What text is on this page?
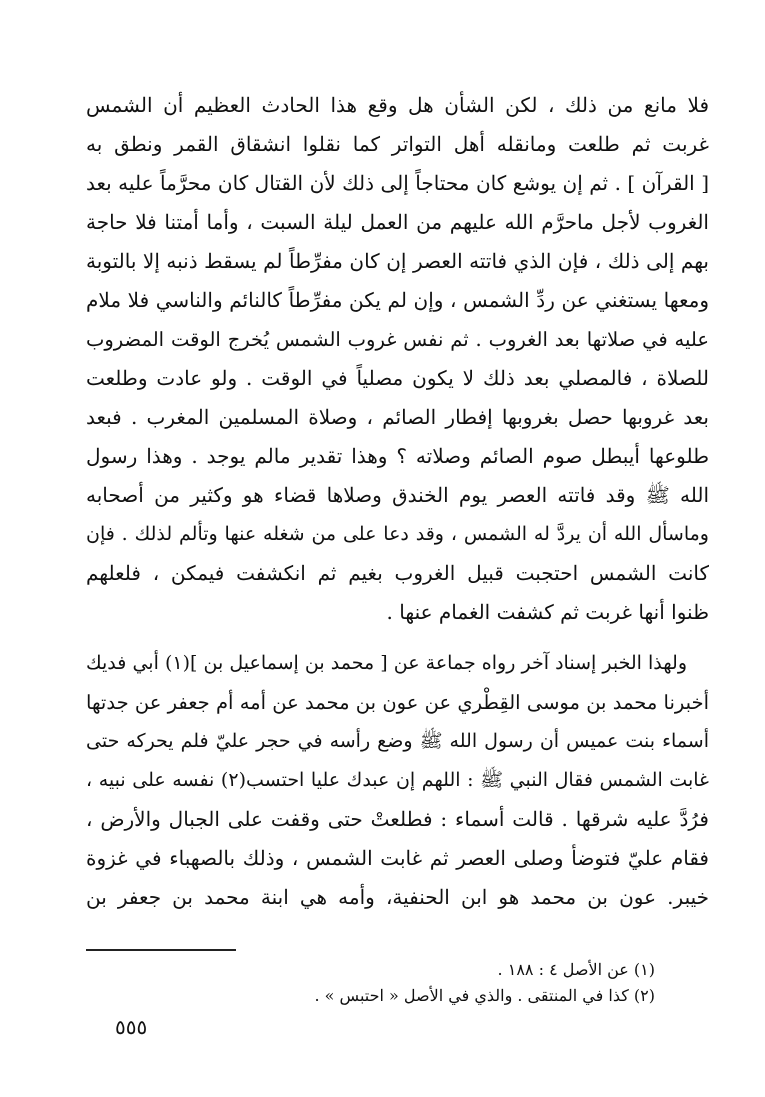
فلا مانع من ذلك ، لكن الشأن هل وقع هذا الحادث العظيم أن الشمس
غربت ثم طلعت ومانقله أهل التواتر كما نقلوا انشقاق القمر ونطق به
[ القرآن ] . ثم إن يوشع كان محتاجاً إلى ذلك لأن القتال كان محرَّماً عليه بعد
الغروب لأجل ماحرَّم الله عليهم من العمل ليلة السبت ، وأما أمتنا فلا حاجة
بهم إلى ذلك ، فإن الذي فاتته العصر إن كان مفرِّطاً لم يسقط ذنبه إلا بالتوبة
ومعها يستغني عن ردِّ الشمس ، وإن لم يكن مفرِّطاً كالنائم والناسي فلا ملام
عليه في صلاتها بعد الغروب . ثم نفس غروب الشمس يُخرج الوقت المضروب
للصلاة ، فالمصلي بعد ذلك لا يكون مصلياً في الوقت . ولو عادت وطلعت
بعد غروبها حصل بغروبها إفطار الصائم ، وصلاة المسلمين المغرب . فبعد
طلوعها أيبطل صوم الصائم وصلاته ؟ وهذا تقدير مالم يوجد . وهذا رسول
الله ﷺ وقد فاتته العصر يوم الخندق وصلاها قضاء هو وكثير من أصحابه
وماسأل الله أن يردَّ له الشمس ، وقد دعا على من شغله عنها وتألم لذلك . فإن
كانت الشمس احتجبت قبيل الغروب بغيم ثم انكشفت فيمكن ، فلعلهم
ظنوا أنها غربت ثم كشفت الغمام عنها .
ولهذا الخبر إسناد آخر رواه جماعة عن [ محمد بن إسماعيل بن ](١) أبي فديك
أخبرنا محمد بن موسى القِطْري عن عون بن محمد عن أمه أم جعفر عن جدتها
أسماء بنت عميس أن رسول الله ﷺ وضع رأسه في حجر عليّ فلم يحركه حتى
غابت الشمس فقال النبي ﷺ : اللهم إن عبدك عليا احتسب(٢) نفسه على نبيه ،
فرُدَّ عليه شرقها . قالت أسماء : فطلعتْ حتى وقفت على الجبال والأرض ،
فقام عليّ فتوضأ وصلى العصر ثم غابت الشمس ، وذلك بالصهباء في غزوة
خيبر. عون بن محمد هو ابن الحنفية، وأمه هي ابنة محمد بن جعفر بن
(١) عن الأصل ٤ : ١٨٨ .
(٢) كذا في المنتقى . والذي في الأصل « احتبس » .
٥٥٥
